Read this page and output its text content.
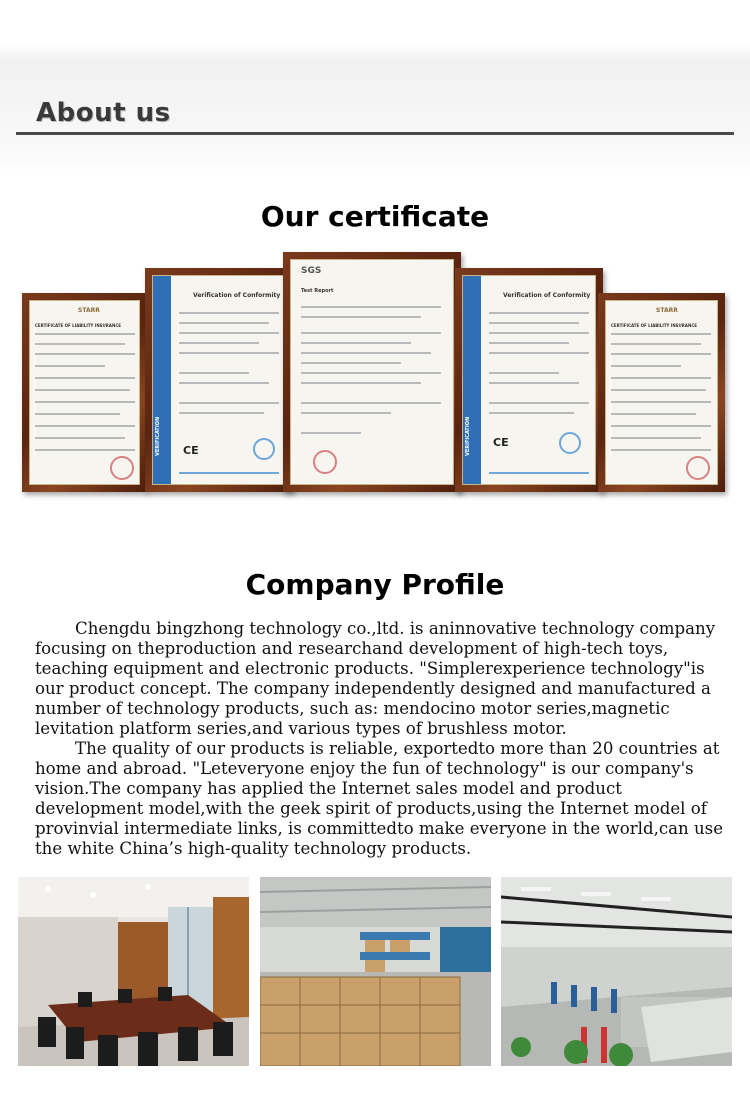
About us
Our certificate
STARR
CERTIFICATE OF LIABILITY INSURANCE
VERIFICATION
Verification of Conformity
CE
SGS
Test Report
VERIFICATION
Verification of Conformity
CE
STARR
CERTIFICATE OF LIABILITY INSURANCE
Company Profile

Chengdu bingzhong technology co.,ltd. is aninnovative technology company focusing on theproduction and researchand development of high-tech toys, teaching equipment and electronic products. "Simplerexperience technology"is our product concept. The company independently designed and manufactured a number of technology products, such as: mendocino motor series,magnetic levitation platform series,and various types of brushless motor.

The quality of our products is reliable, exportedto more than 20 countries at home and abroad. "Leteveryone enjoy the fun of technology" is our company's vision.The company has applied the Internet sales model and product development model,with the geek spirit of products,using the Internet model of provinvial intermediate links, is committedto make everyone in the world,can use the white China’s high-quality technology products.
